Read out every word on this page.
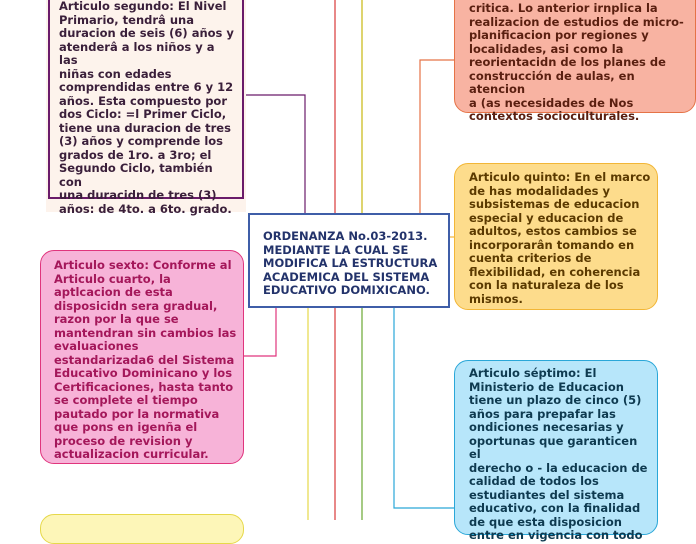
Articulo segundo: El Nivel
Primario, tendrâ una
duracion de seis (6) años y
atenderâ a los niños y a las
niñas con edades
comprendidas entre 6 y 12
años. Esta compuesto por
dos Ciclo: =l Primer Ciclo,
tiene una duracion de tres
(3) años y comprende los
grados de 1ro. a 3ro; el
Segundo Ciclo, también con
una duracidn de tres (3)
años: de 4to. a 6to. grado.
critica. Lo anterior irnplica la
realizacion de estudios de micro-
planificacion por regiones y
localidades, asi como la
reorientacidn de los planes de
construcción de aulas, en atencion
a (as necesidades de Nos
contextos socioculturales.
ORDENANZA No.03-2013.
MEDIANTE LA CUAL SE
MODIFICA LA ESTRUCTURA
ACADEMICA DEL SISTEMA
EDUCATIVO DOMIXICANO.
Articulo sexto: Conforme al
Articulo cuarto, la
aptlcacion de esta
disposicidn sera gradual,
razon por la que se
mantendran sin cambios las
evaluaciones
estandarizada6 del Sistema
Educativo Dominicano y los
Certificaciones, hasta tanto
se complete el tiempo
pautado por la normativa
que pons en igenña el
proceso de revision y
actualizacion curricular.
Articulo quinto: En el marco
de has modalidades y
subsistemas de educacion
especial y educacion de
adultos, estos cambios se
incorporarân tomando en
cuenta criterios de
flexibilidad, en coherencia
con la naturaleza de los
mismos.
Articulo séptimo: El
Ministerio de Educacion
tiene un plazo de cinco (5)
años para prepafar las
ondiciones necesarias y
oportunas que garanticen el
derecho o - la educacion de
calidad de todos los
estudiantes del sistema
educativo, con la finalidad
de que esta disposicion
entre en vigencia con todo
